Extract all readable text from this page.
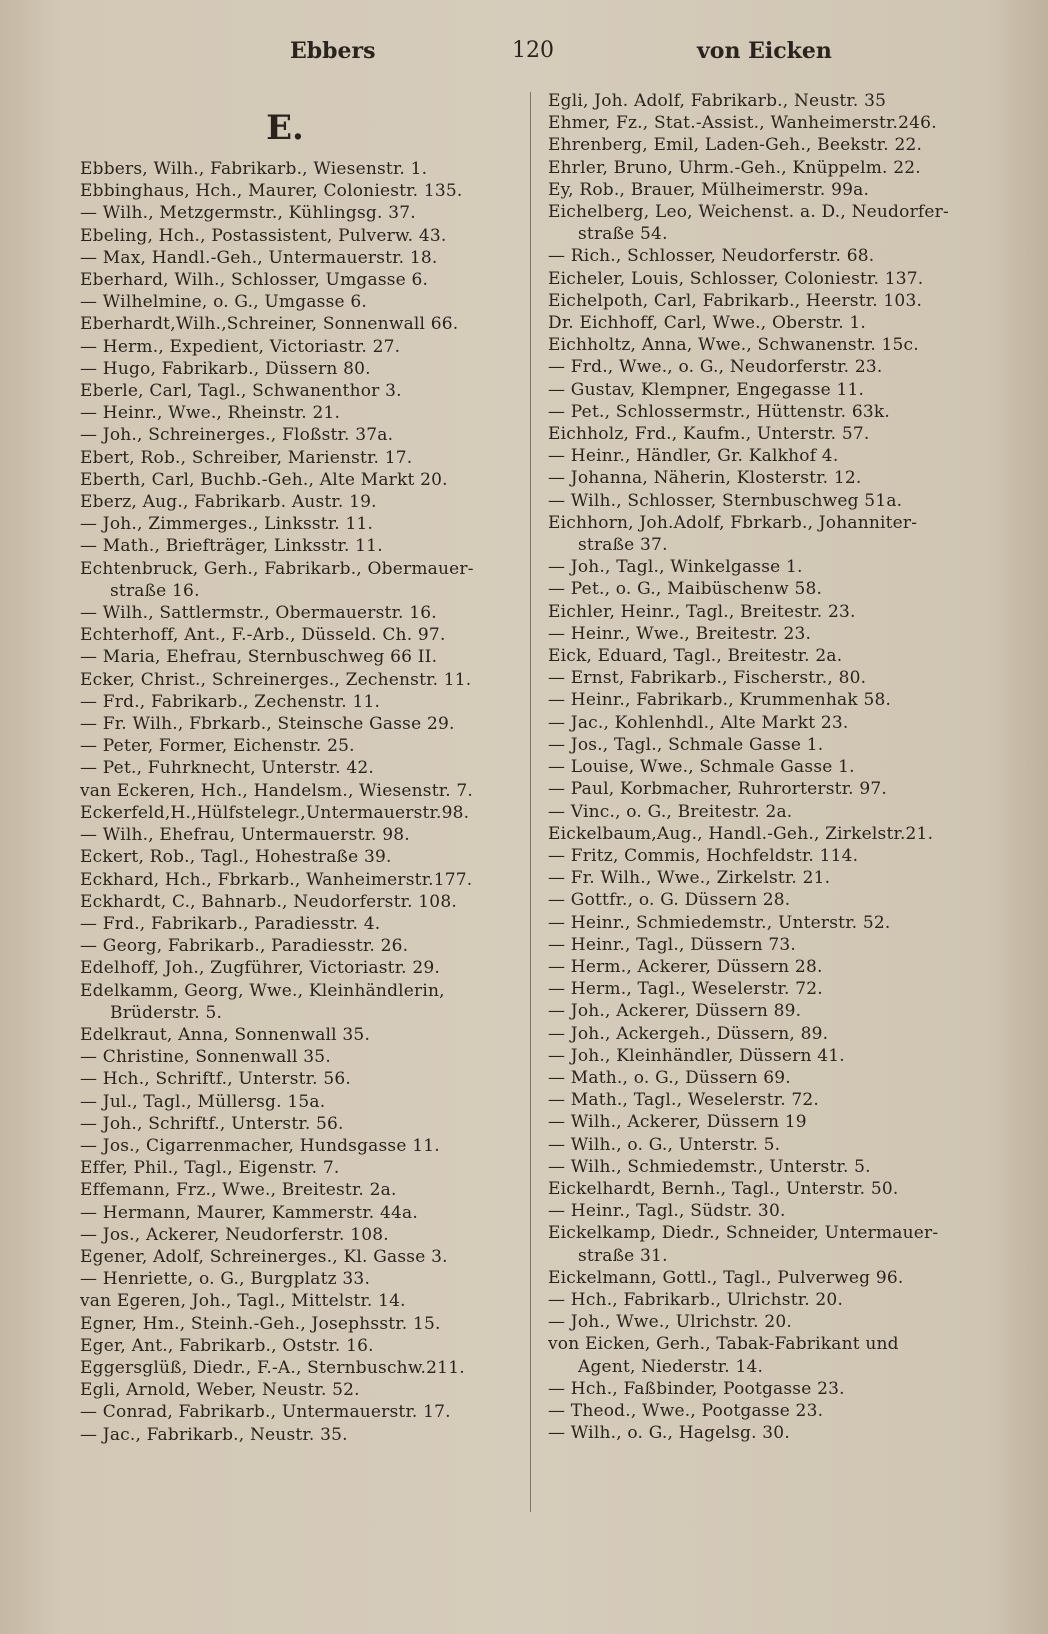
Ebbers	120	von Eicken
E.
Ebbers, Wilh., Fabrikarb., Wiesenstr. 1.
Ebbinghaus, Hch., Maurer, Coloniestr. 135.
— Wilh., Metzgermstr., Kühlingsg. 37.
Ebeling, Hch., Postassistent, Pulverw. 43.
— Max, Handl.-Geh., Untermauerstr. 18.
Eberhard, Wilh., Schlosser, Umgasse 6.
— Wilhelmine, o. G., Umgasse 6.
Eberhardt,Wilh.,Schreiner, Sonnenwall 66.
— Herm., Expedient, Victoriastr. 27.
— Hugo, Fabrikarb., Düssern 80.
Eberle, Carl, Tagl., Schwanenthor 3.
— Heinr., Wwe., Rheinstr. 21.
— Joh., Schreinerges., Floßstr. 37a.
Ebert, Rob., Schreiber, Marienstr. 17.
Eberth, Carl, Buchb.-Geh., Alte Markt 20.
Eberz, Aug., Fabrikarb. Austr. 19.
— Joh., Zimmerges., Linksstr. 11.
— Math., Briefträger, Linksstr. 11.
Echtenbruck, Gerh., Fabrikarb., Obermauer-
straße 16.
— Wilh., Sattlermstr., Obermauerstr. 16.
Echterhoff, Ant., F.-Arb., Düsseld. Ch. 97.
— Maria, Ehefrau, Sternbuschweg 66 II.
Ecker, Christ., Schreinerges., Zechenstr. 11.
— Frd., Fabrikarb., Zechenstr. 11.
— Fr. Wilh., Fbrkarb., Steinsche Gasse 29.
— Peter, Former, Eichenstr. 25.
— Pet., Fuhrknecht, Unterstr. 42.
van Eckeren, Hch., Handelsm., Wiesenstr. 7.
Eckerfeld,H.,Hülfstelegr.,Untermauerstr.98.
— Wilh., Ehefrau, Untermauerstr. 98.
Eckert, Rob., Tagl., Hohestraße 39.
Eckhard, Hch., Fbrkarb., Wanheimerstr.177.
Eckhardt, C., Bahnarb., Neudorferstr. 108.
— Frd., Fabrikarb., Paradiesstr. 4.
— Georg, Fabrikarb., Paradiesstr. 26.
Edelhoff, Joh., Zugführer, Victoriastr. 29.
Edelkamm, Georg, Wwe., Kleinhändlerin,
Brüderstr. 5.
Edelkraut, Anna, Sonnenwall 35.
— Christine, Sonnenwall 35.
— Hch., Schriftf., Unterstr. 56.
— Jul., Tagl., Müllersg. 15a.
— Joh., Schriftf., Unterstr. 56.
— Jos., Cigarrenmacher, Hundsgasse 11.
Effer, Phil., Tagl., Eigenstr. 7.
Effemann, Frz., Wwe., Breitestr. 2a.
— Hermann, Maurer, Kammerstr. 44a.
— Jos., Ackerer, Neudorferstr. 108.
Egener, Adolf, Schreinerges., Kl. Gasse 3.
— Henriette, o. G., Burgplatz 33.
van Egeren, Joh., Tagl., Mittelstr. 14.
Egner, Hm., Steinh.-Geh., Josephsstr. 15.
Eger, Ant., Fabrikarb., Oststr. 16.
Eggersglüß, Diedr., F.-A., Sternbuschw.211.
Egli, Arnold, Weber, Neustr. 52.
— Conrad, Fabrikarb., Untermauerstr. 17.
— Jac., Fabrikarb., Neustr. 35.
Egli, Joh. Adolf, Fabrikarb., Neustr. 35
Ehmer, Fz., Stat.-Assist., Wanheimerstr.246.
Ehrenberg, Emil, Laden-Geh., Beekstr. 22.
Ehrler, Bruno, Uhrm.-Geh., Knüppelm. 22.
Ey, Rob., Brauer, Mülheimerstr. 99a.
Eichelberg, Leo, Weichenst. a. D., Neudorfer-
straße 54.
— Rich., Schlosser, Neudorferstr. 68.
Eicheler, Louis, Schlosser, Coloniestr. 137.
Eichelpoth, Carl, Fabrikarb., Heerstr. 103.
Dr. Eichhoff, Carl, Wwe., Oberstr. 1.
Eichholtz, Anna, Wwe., Schwanenstr. 15c.
— Frd., Wwe., o. G., Neudorferstr. 23.
— Gustav, Klempner, Engegasse 11.
— Pet., Schlossermstr., Hüttenstr. 63k.
Eichholz, Frd., Kaufm., Unterstr. 57.
— Heinr., Händler, Gr. Kalkhof 4.
— Johanna, Näherin, Klosterstr. 12.
— Wilh., Schlosser, Sternbuschweg 51a.
Eichhorn, Joh.Adolf, Fbrkarb., Johanniter-
straße 37.
— Joh., Tagl., Winkelgasse 1.
— Pet., o. G., Maibüschenw 58.
Eichler, Heinr., Tagl., Breitestr. 23.
— Heinr., Wwe., Breitestr. 23.
Eick, Eduard, Tagl., Breitestr. 2a.
— Ernst, Fabrikarb., Fischerstr., 80.
— Heinr., Fabrikarb., Krummenhak 58.
— Jac., Kohlenhdl., Alte Markt 23.
— Jos., Tagl., Schmale Gasse 1.
— Louise, Wwe., Schmale Gasse 1.
— Paul, Korbmacher, Ruhrorterstr. 97.
— Vinc., o. G., Breitestr. 2a.
Eickelbaum,Aug., Handl.-Geh., Zirkelstr.21.
— Fritz, Commis, Hochfeldstr. 114.
— Fr. Wilh., Wwe., Zirkelstr. 21.
— Gottfr., o. G. Düssern 28.
— Heinr., Schmiedemstr., Unterstr. 52.
— Heinr., Tagl., Düssern 73.
— Herm., Ackerer, Düssern 28.
— Herm., Tagl., Weselerstr. 72.
— Joh., Ackerer, Düssern 89.
— Joh., Ackergeh., Düssern, 89.
— Joh., Kleinhändler, Düssern 41.
— Math., o. G., Düssern 69.
— Math., Tagl., Weselerstr. 72.
— Wilh., Ackerer, Düssern 19
— Wilh., o. G., Unterstr. 5.
— Wilh., Schmiedemstr., Unterstr. 5.
Eickelhardt, Bernh., Tagl., Unterstr. 50.
— Heinr., Tagl., Südstr. 30.
Eickelkamp, Diedr., Schneider, Untermauer-
straße 31.
Eickelmann, Gottl., Tagl., Pulverweg 96.
— Hch., Fabrikarb., Ulrichstr. 20.
— Joh., Wwe., Ulrichstr. 20.
von Eicken, Gerh., Tabak-Fabrikant und
Agent, Niederstr. 14.
— Hch., Faßbinder, Pootgasse 23.
— Theod., Wwe., Pootgasse 23.
— Wilh., o. G., Hagelsg. 30.
